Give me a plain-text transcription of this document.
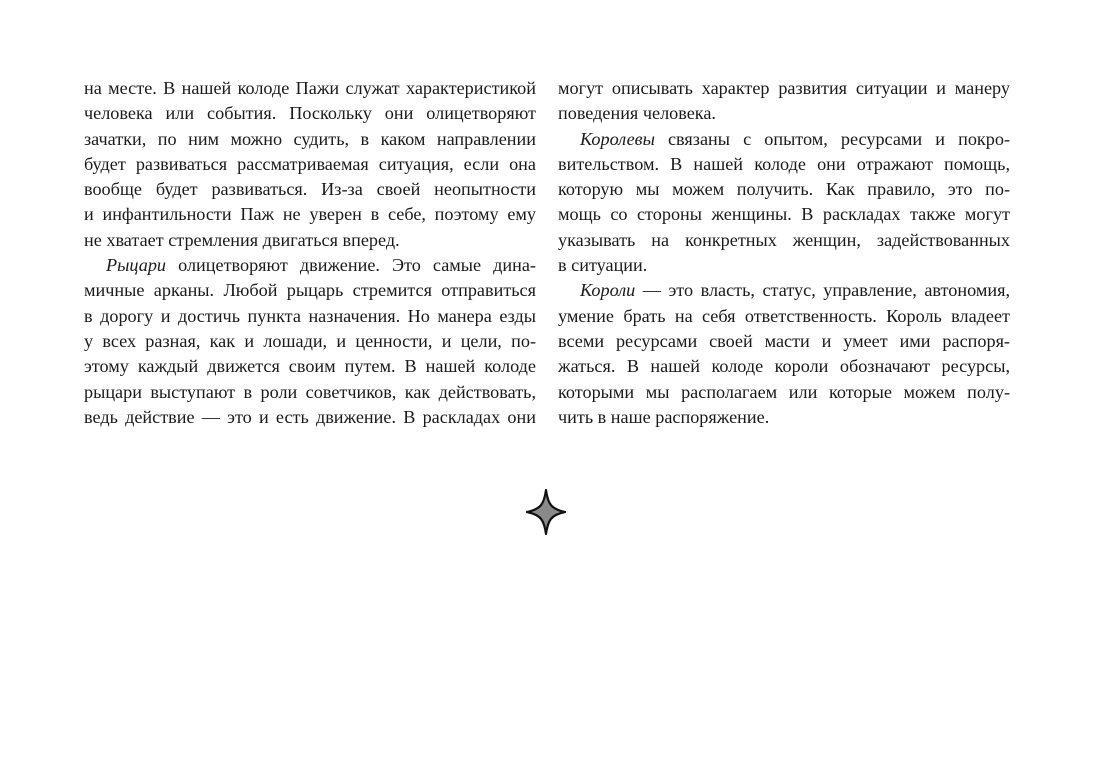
на месте. В нашей колоде Пажи служат характеристикой
человека или события. Поскольку они олицетворяют
зачатки, по ним можно судить, в каком направлении
будет развиваться рассматриваемая ситуация, если она
вообще будет развиваться. Из-за своей неопытности
и инфантильности Паж не уверен в себе, поэтому ему
не хватает стремления двигаться вперед.
Рыцари олицетворяют движение. Это самые дина-
мичные арканы. Любой рыцарь стремится отправиться
в дорогу и достичь пункта назначения. Но манера езды
у всех разная, как и лошади, и ценности, и цели, по-
этому каждый движется своим путем. В нашей колоде
рыцари выступают в роли советчиков, как действовать,
ведь действие — это и есть движение. В раскладах они
могут описывать характер развития ситуации и манеру
поведения человека.
Королевы связаны с опытом, ресурсами и покро-
вительством. В нашей колоде они отражают помощь,
которую мы можем получить. Как правило, это по-
мощь со стороны женщины. В раскладах также могут
указывать на конкретных женщин, задействованных
в ситуации.
Короли — это власть, статус, управление, автономия,
умение брать на себя ответственность. Король владеет
всеми ресурсами своей масти и умеет ими распоря-
жаться. В нашей колоде короли обозначают ресурсы,
которыми мы располагаем или которые можем полу-
чить в наше распоряжение.
